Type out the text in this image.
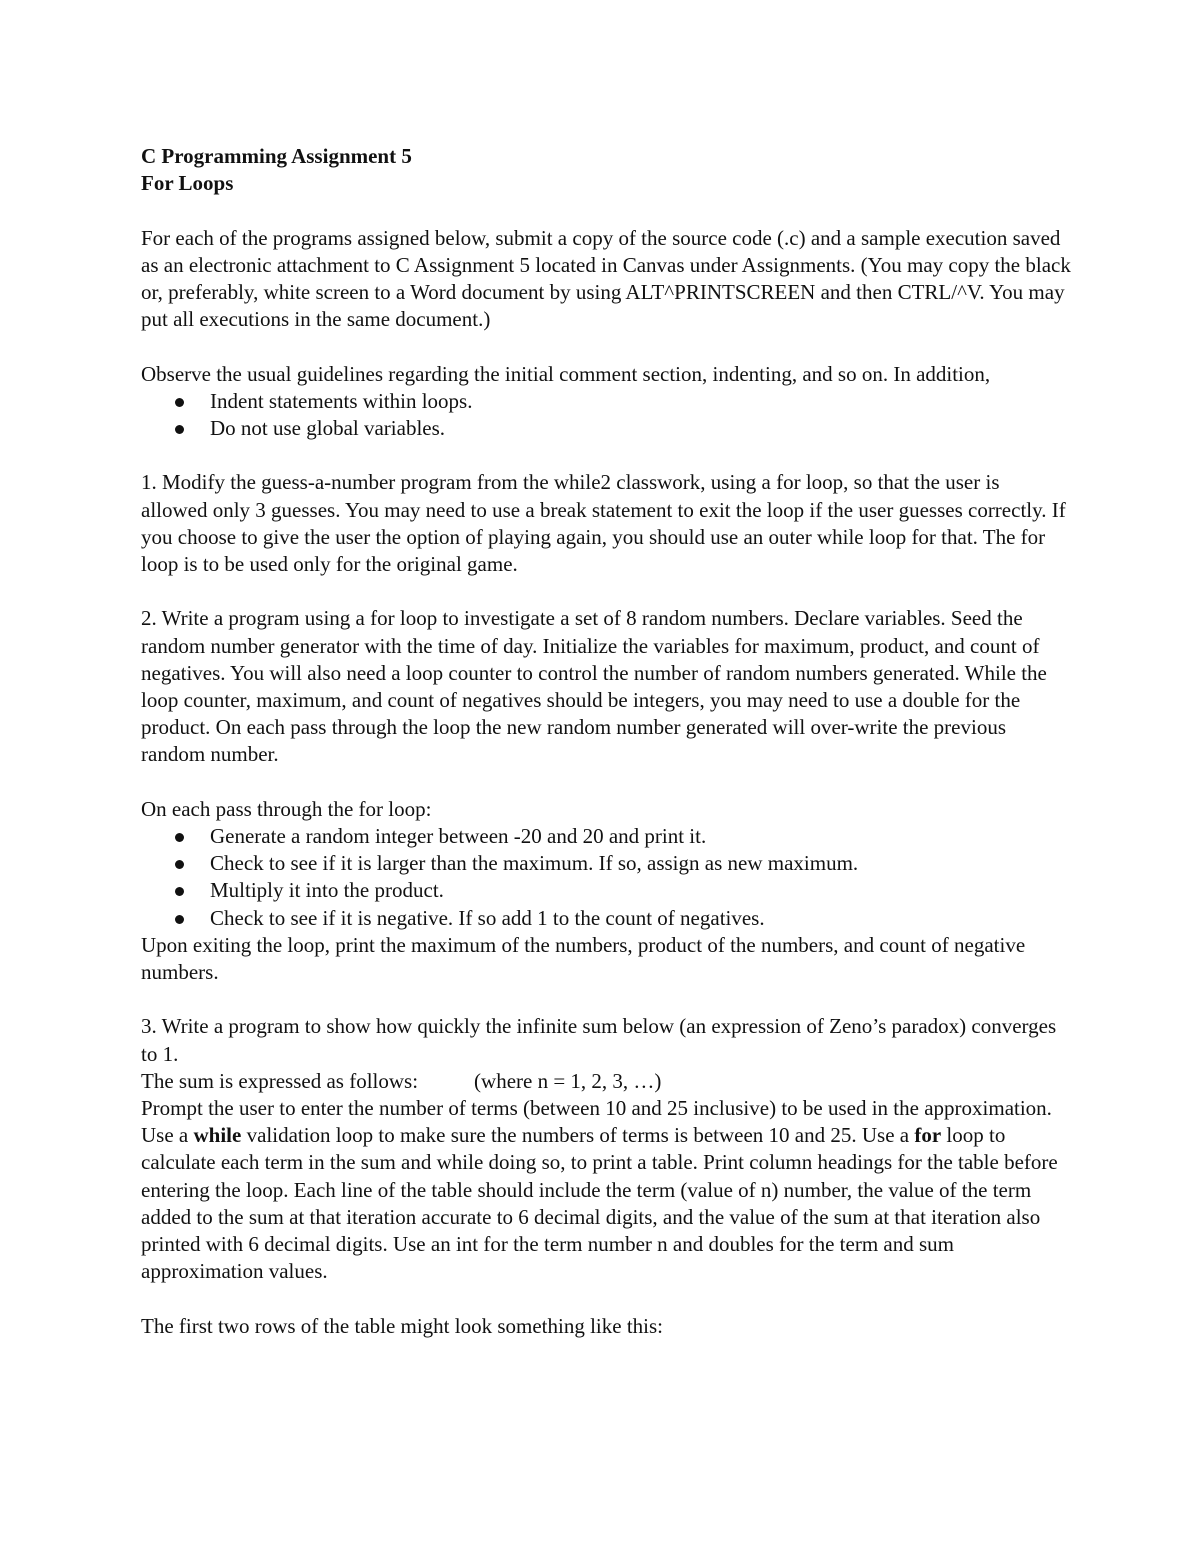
C Programming Assignment 5
For Loops

For each of the programs assigned below, submit a copy of the source code (.c) and a sample execution saved as an electronic attachment to C Assignment 5 located in Canvas under Assignments. (You may copy the black or, preferably, white screen to a Word document by using ALT^PRINTSCREEN and then CTRL/^V. You may put all executions in the same document.)

Observe the usual guidelines regarding the initial comment section, indenting, and so on. In addition,

Indent statements within loops.
Do not use global variables.

1. Modify the guess-a-number program from the while2 classwork, using a for loop, so that the user is allowed only 3 guesses. You may need to use a break statement to exit the loop if the user guesses correctly. If you choose to give the user the option of playing again, you should use an outer while loop for that. The for loop is to be used only for the original game.

2. Write a program using a for loop to investigate a set of 8 random numbers. Declare variables. Seed the random number generator with the time of day. Initialize the variables for maximum, product, and count of negatives. You will also need a loop counter to control the number of random numbers generated. While the loop counter, maximum, and count of negatives should be integers, you may need to use a double for the product. On each pass through the loop the new random number generated will over-write the previous random number.

On each pass through the for loop:

Generate a random integer between -20 and 20 and print it.
Check to see if it is larger than the maximum. If so, assign as new maximum.
Multiply it into the product.
Check to see if it is negative. If so add 1 to the count of negatives.

Upon exiting the loop, print the maximum of the numbers, product of the numbers, and count of negative numbers.

3. Write a program to show how quickly the infinite sum below (an expression of Zeno’s paradox) converges to 1.

The sum is expressed as follows:	(where n = 1, 2, 3, …)

Prompt the user to enter the number of terms (between 10 and 25 inclusive) to be used in the approximation. Use a while validation loop to make sure the numbers of terms is between 10 and 25. Use a for loop to calculate each term in the sum and while doing so, to print a table. Print column headings for the table before entering the loop. Each line of the table should include the term (value of n) number, the value of the term added to the sum at that iteration accurate to 6 decimal digits, and the value of the sum at that iteration also printed with 6 decimal digits. Use an int for the term number n and doubles for the term and sum approximation values.

The first two rows of the table might look something like this:
